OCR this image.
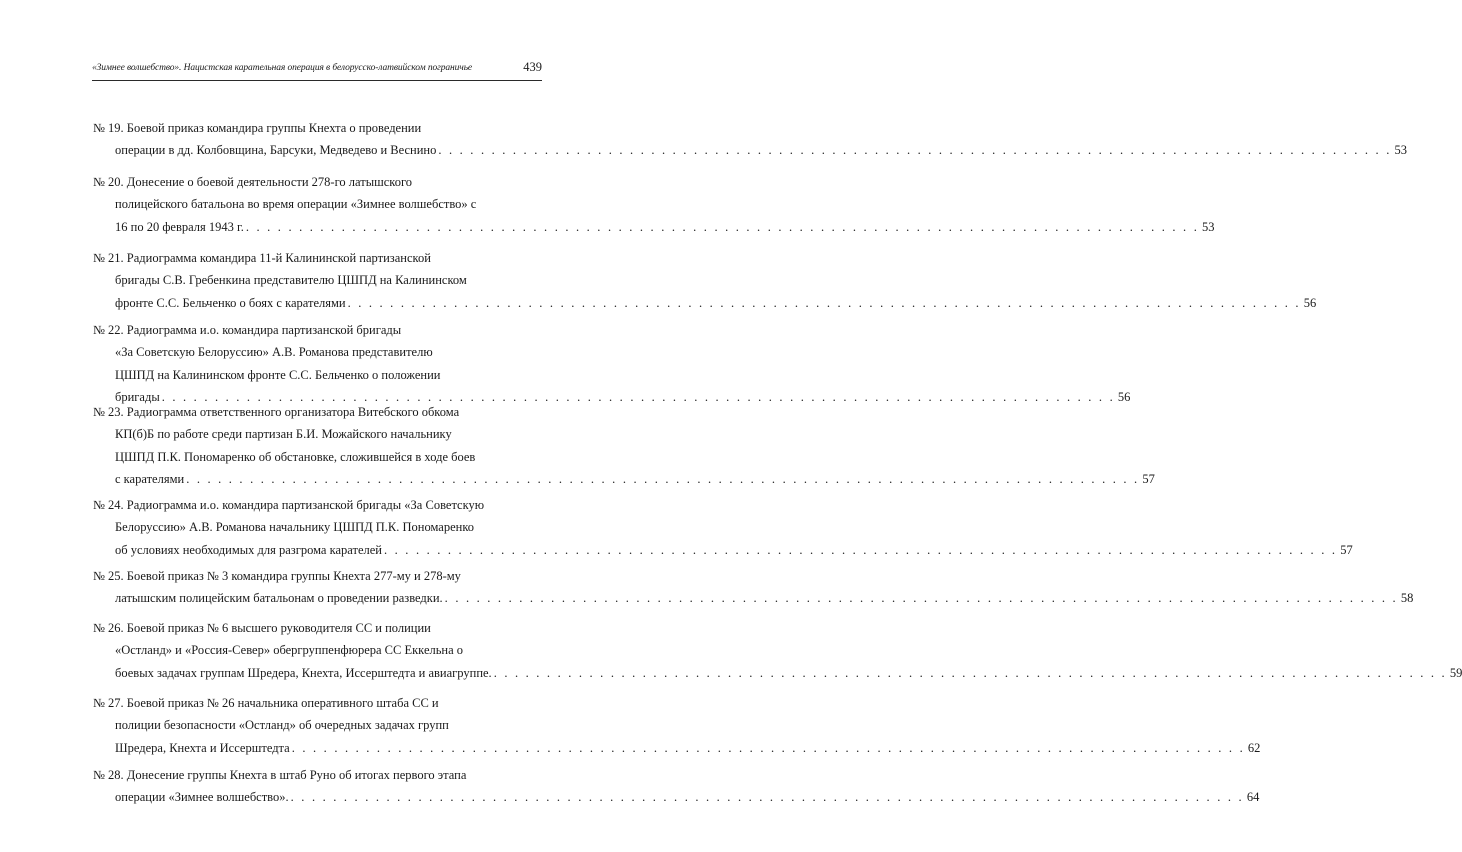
«Зимнее волшебство». Нацистская карательная операция в белорусско-латвийском пограничье	439
№ 19. Боевой приказ командира группы Кнехта о проведении
операции в дд. Колбовщина, Барсуки, Медведево и Веснино . . . . . . . . . . . . . . . . . . . . . . . . . . . . . . . . . . . . . . . . . . . . . . . . . . . . . . . . . . . . . . . . . . . . . . . . . . . . . . . . . . . . . . . . . . 53
№ 20. Донесение о боевой деятельности 278-го латышского
полицейского батальона во время операции «Зимнее волшебство» с
16 по 20 февраля 1943 г. . . . . . . . . . . . . . . . . . . . . . . . . . . . . . . . . . . . . . . . . . . . . . . . . . . . . . . . . . . . . . . . . . . . . . . . . . . . . . . . . . . . . . . . . . . 53
№ 21. Радиограмма командира 11-й Калининской партизанской
бригады С.В. Гребенкина представителю ЦШПД на Калининском
фронте С.С. Бельченко о боях с карателями . . . . . . . . . . . . . . . . . . . . . . . . . . . . . . . . . . . . . . . . . . . . . . . . . . . . . . . . . . . . . . . . . . . . . . . . . . . . . . . . . . . . . . . . . . 56
№ 22. Радиограмма и.о. командира партизанской бригады
«За Советскую Белоруссию» А.В. Романова представителю
ЦШПД на Калининском фронте С.С. Бельченко о положении
бригады . . . . . . . . . . . . . . . . . . . . . . . . . . . . . . . . . . . . . . . . . . . . . . . . . . . . . . . . . . . . . . . . . . . . . . . . . . . . . . . . . . . . . . . . . . 56
№ 23. Радиограмма ответственного организатора Витебского обкома
КП(б)Б по работе среди партизан Б.И. Можайского начальнику
ЦШПД П.К. Пономаренко об обстановке, сложившейся в ходе боев
с карателями . . . . . . . . . . . . . . . . . . . . . . . . . . . . . . . . . . . . . . . . . . . . . . . . . . . . . . . . . . . . . . . . . . . . . . . . . . . . . . . . . . . . . . . . . . 57
№ 24. Радиограмма и.о. командира партизанской бригады «За Советскую
Белоруссию» А.В. Романова начальнику ЦШПД П.К. Пономаренко
об условиях необходимых для разгрома карателей . . . . . . . . . . . . . . . . . . . . . . . . . . . . . . . . . . . . . . . . . . . . . . . . . . . . . . . . . . . . . . . . . . . . . . . . . . . . . . . . . . . . . . . . . . 57
№ 25. Боевой приказ № 3 командира группы Кнехта 277-му и 278-му
латышским полицейским батальонам о проведении разведки. . . . . . . . . . . . . . . . . . . . . . . . . . . . . . . . . . . . . . . . . . . . . . . . . . . . . . . . . . . . . . . . . . . . . . . . . . . . . . . . . . . . . . . . . . . 58
№ 26. Боевой приказ № 6 высшего руководителя СС и полиции
«Остланд» и «Россия-Север» обергруппенфюрера СС Еккельна о
боевых задачах группам Шредера, Кнехта, Иссерштедта и авиагруппе. . . . . . . . . . . . . . . . . . . . . . . . . . . . . . . . . . . . . . . . . . . . . . . . . . . . . . . . . . . . . . . . . . . . . . . . . . . . . . . . . . . . . . . . . . . 59
№ 27. Боевой приказ № 26 начальника оперативного штаба СС и
полиции безопасности «Остланд» об очередных задачах групп
Шредера, Кнехта и Иссерштедта . . . . . . . . . . . . . . . . . . . . . . . . . . . . . . . . . . . . . . . . . . . . . . . . . . . . . . . . . . . . . . . . . . . . . . . . . . . . . . . . . . . . . . . . . . 62
№ 28. Донесение группы Кнехта в штаб Руно об итогах первого этапа
операции «Зимнее волшебство». . . . . . . . . . . . . . . . . . . . . . . . . . . . . . . . . . . . . . . . . . . . . . . . . . . . . . . . . . . . . . . . . . . . . . . . . . . . . . . . . . . . . . . . . . . 64
